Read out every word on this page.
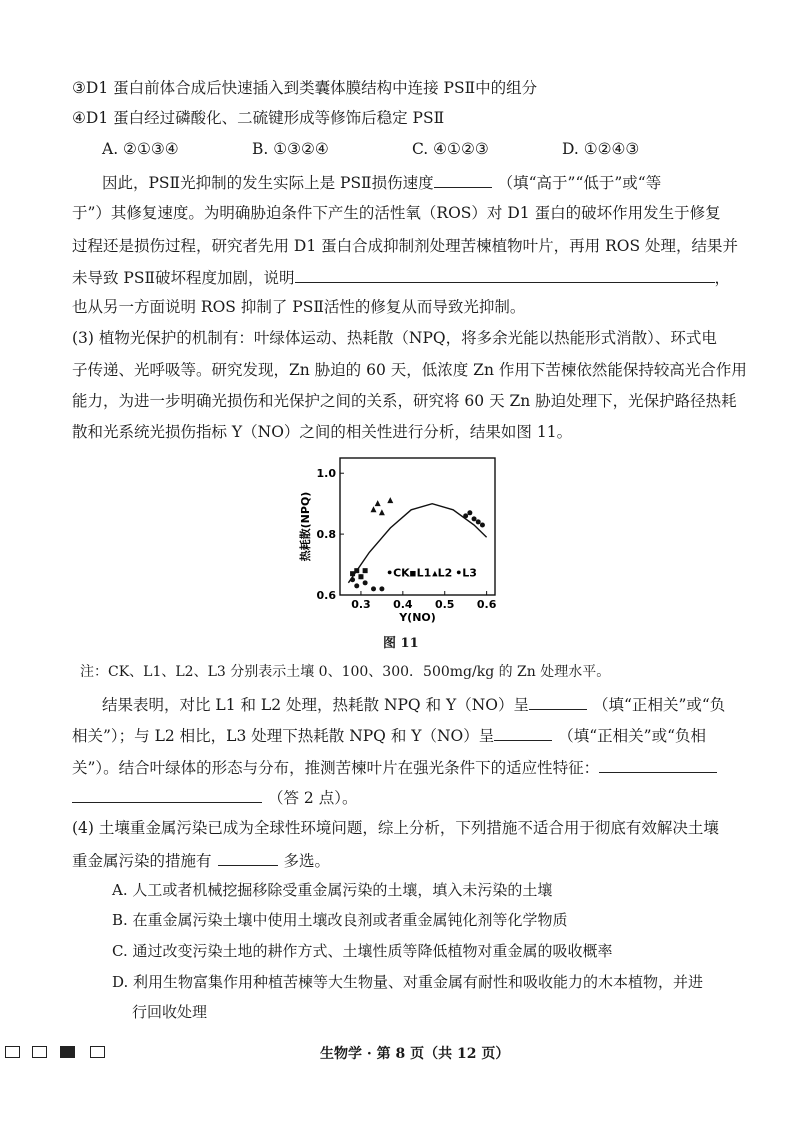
③D1 蛋白前体合成后快速插入到类囊体膜结构中连接 PSⅡ中的组分
④D1 蛋白经过磷酸化、二硫键形成等修饰后稳定 PSⅡ
A. ②①③④	B. ①③②④	C. ④①②③	D. ①②④③
因此，PSⅡ光抑制的发生实际上是 PSⅡ损伤速度	（填“高于”“低于”或“等
于”）其修复速度。为明确胁迫条件下产生的活性氧（ROS）对 D1 蛋白的破坏作用发生于修复
过程还是损伤过程，研究者先用 D1 蛋白合成抑制剂处理苦楝植物叶片，再用 ROS 处理，结果并
未导致 PSⅡ破坏程度加剧，说明	，
也从另一方面说明 ROS 抑制了 PSⅡ活性的修复从而导致光抑制。
(3) 植物光保护的机制有：叶绿体运动、热耗散（NPQ，将多余光能以热能形式消散）、环式电
子传递、光呼吸等。研究发现，Zn 胁迫的 60 天，低浓度 Zn 作用下苦楝依然能保持较高光合作用
能力，为进一步明确光损伤和光保护之间的关系，研究将 60 天 Zn 胁迫处理下，光保护路径热耗
散和光系统光损伤指标 Y（NO）之间的相关性进行分析，结果如图 11。
1.0
0.8
0.6
0.3 0.4 0.5 0.6
Y(NO)
热耗散(NPQ)
•CK ▪L1 ▴L2 •L3
图 11
注：CK、L1、L2、L3 分别表示土壤 0、100、300．500mg/kg 的 Zn 处理水平。
结果表明，对比 L1 和 L2 处理，热耗散 NPQ 和 Y（NO）呈	（填“正相关”或“负
相关”）；与 L2 相比，L3 处理下热耗散 NPQ 和 Y（NO）呈	（填“正相关”或“负相
关”）。结合叶绿体的形态与分布，推测苦楝叶片在强光条件下的适应性特征：
（答 2 点）。
(4) 土壤重金属污染已成为全球性环境问题，综上分析，下列措施不适合用于彻底有效解决土壤
重金属污染的措施有	多选。
A. 人工或者机械挖掘移除受重金属污染的土壤，填入未污染的土壤
B. 在重金属污染土壤中使用土壤改良剂或者重金属钝化剂等化学物质
C. 通过改变污染土地的耕作方式、土壤性质等降低植物对重金属的吸收概率
D. 利用生物富集作用种植苦楝等大生物量、对重金属有耐性和吸收能力的木本植物，并进
行回收处理
生物学 · 第 8 页（共 12 页）
